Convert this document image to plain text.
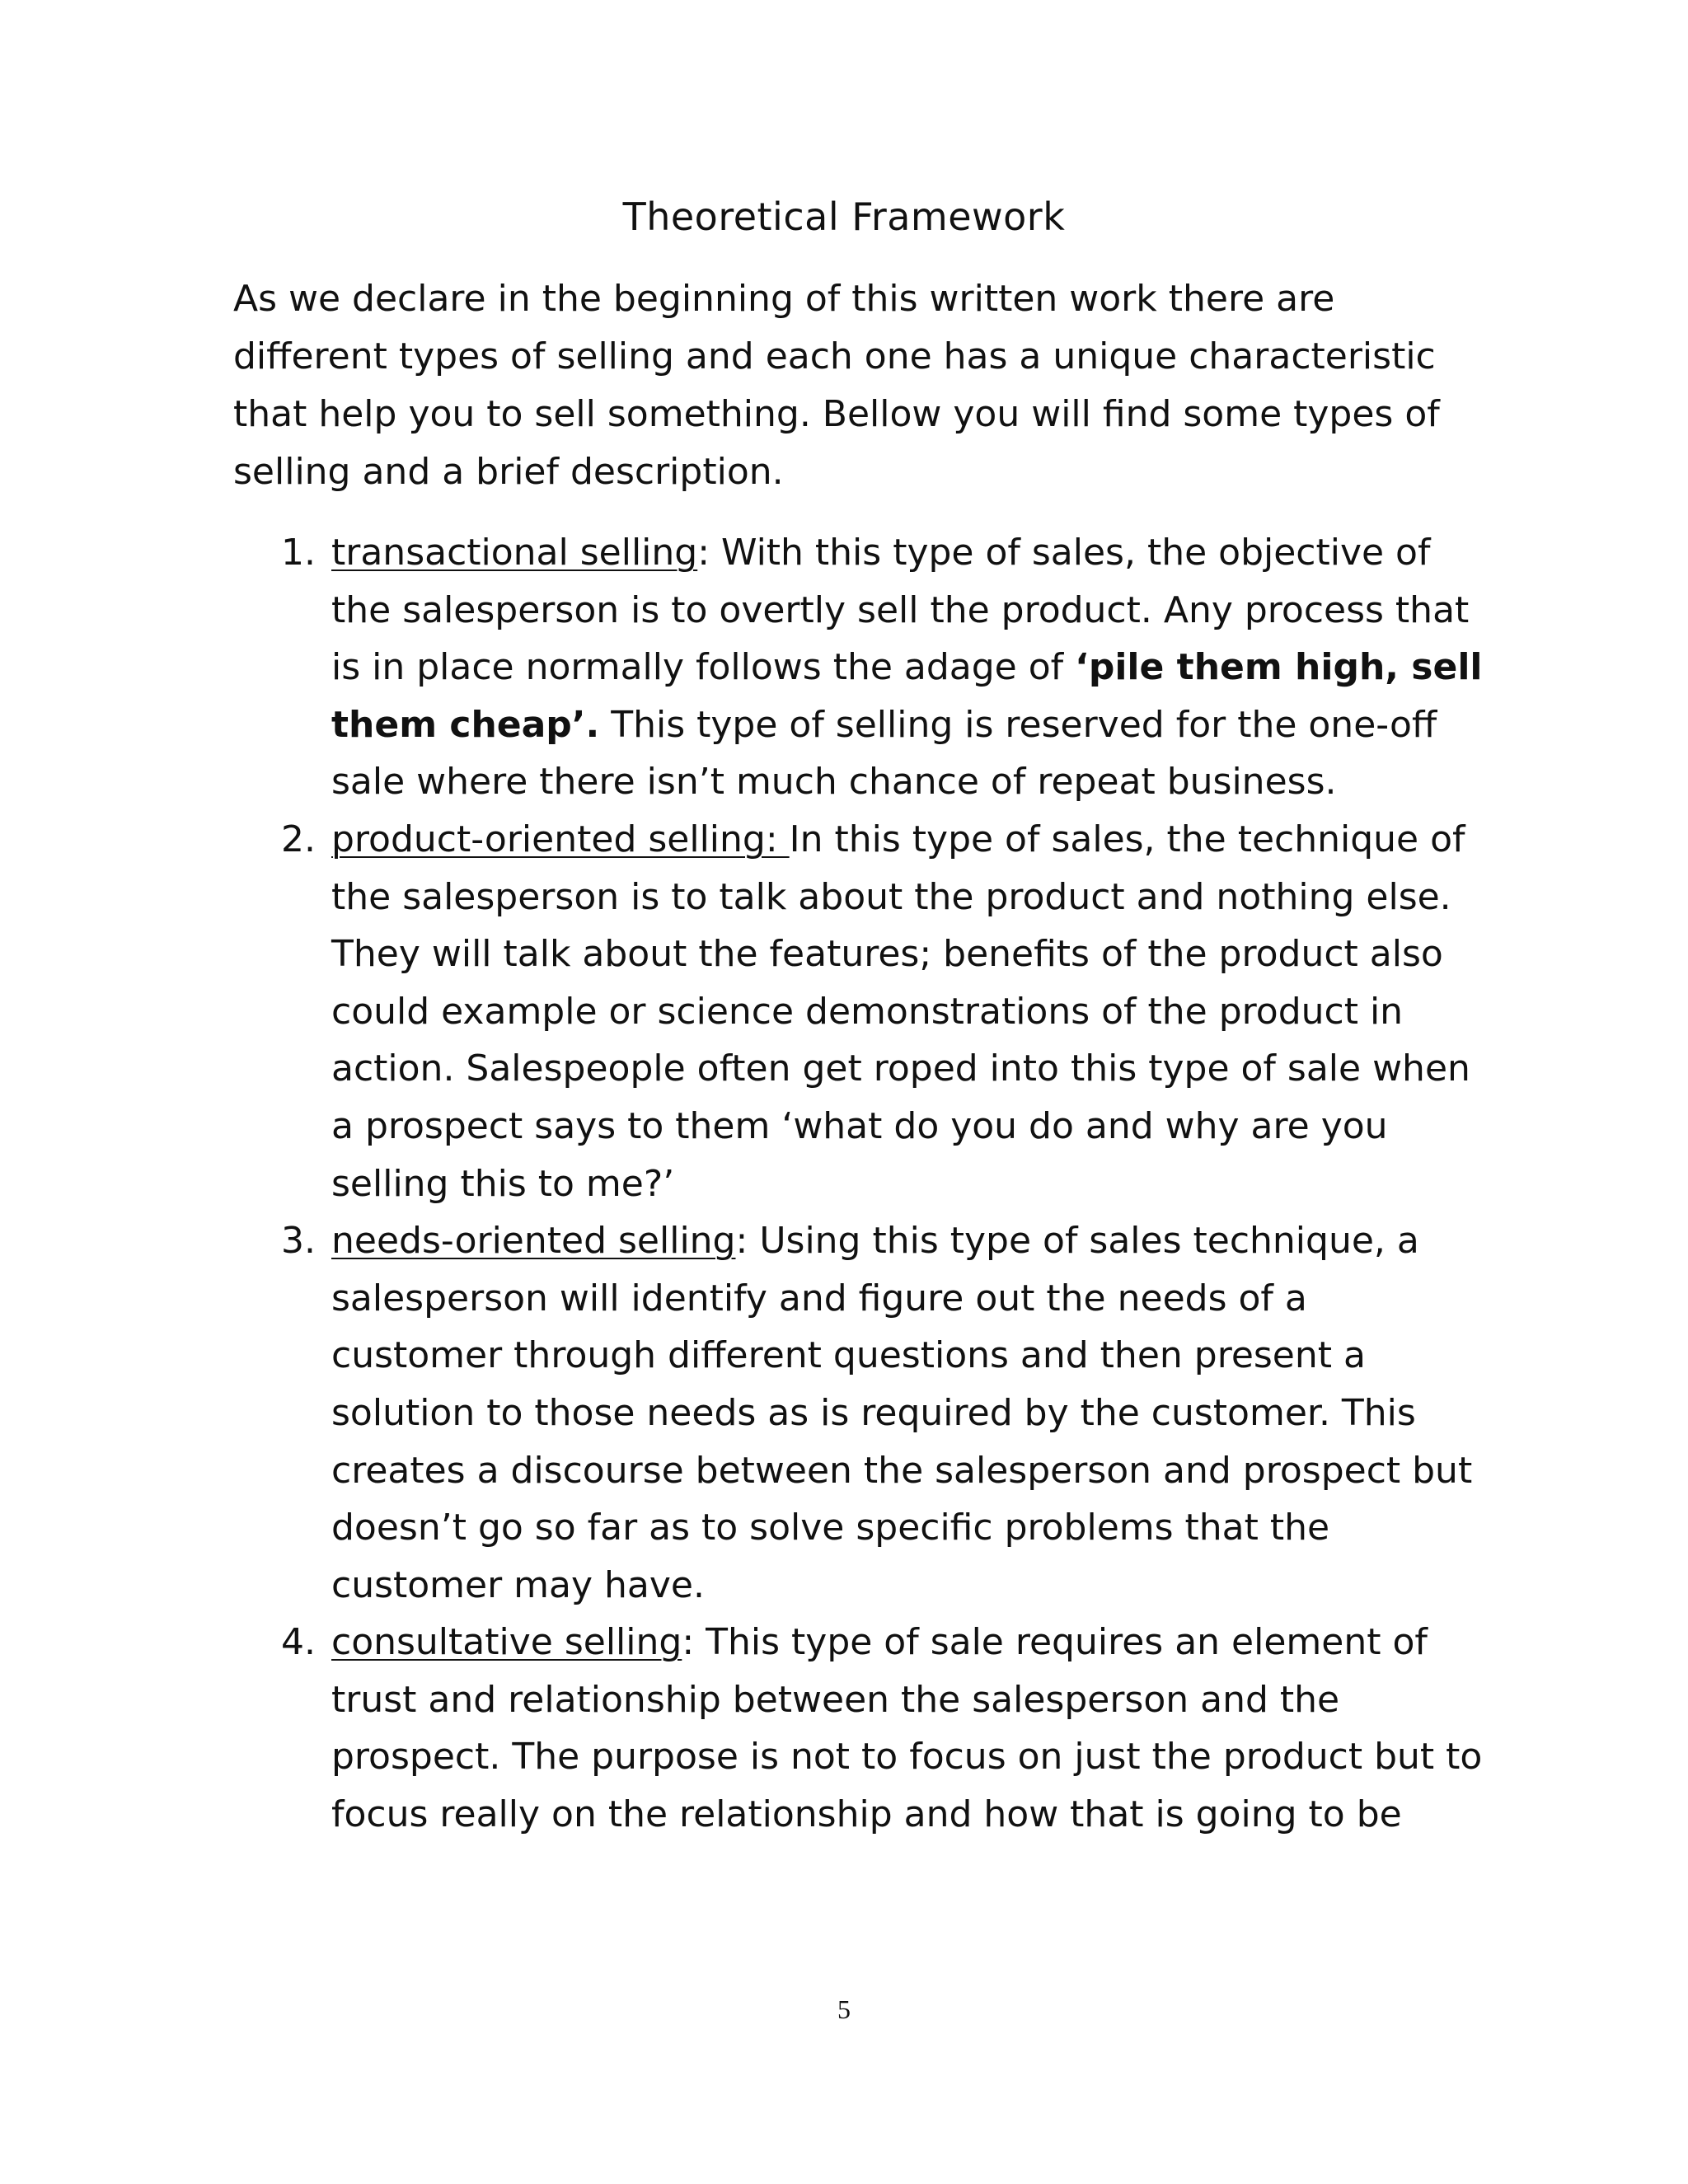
Theoretical Framework

As we declare in the beginning of this written work there are different types of selling and each one has a unique characteristic that help you to sell something. Bellow you will find some types of selling and a brief description.

1. transactional selling: With this type of sales, the objective of the salesperson is to overtly sell the product. Any process that is in place normally follows the adage of ‘pile them high, sell them cheap’. This type of selling is reserved for the one-off sale where there isn’t much chance of repeat business.
2. product-oriented selling: In this type of sales, the technique of the salesperson is to talk about the product and nothing else. They will talk about the features; benefits of the product also could example or science demonstrations of the product in action. Salespeople often get roped into this type of sale when a prospect says to them ‘what do you do and why are you selling this to me?’
3. needs-oriented selling: Using this type of sales technique, a salesperson will identify and figure out the needs of a customer through different questions and then present a solution to those needs as is required by the customer. This creates a discourse between the salesperson and prospect but doesn’t go so far as to solve specific problems that the customer may have.
4. consultative selling: This type of sale requires an element of trust and relationship between the salesperson and the prospect. The purpose is not to focus on just the product but to focus really on the relationship and how that is going to be
5
